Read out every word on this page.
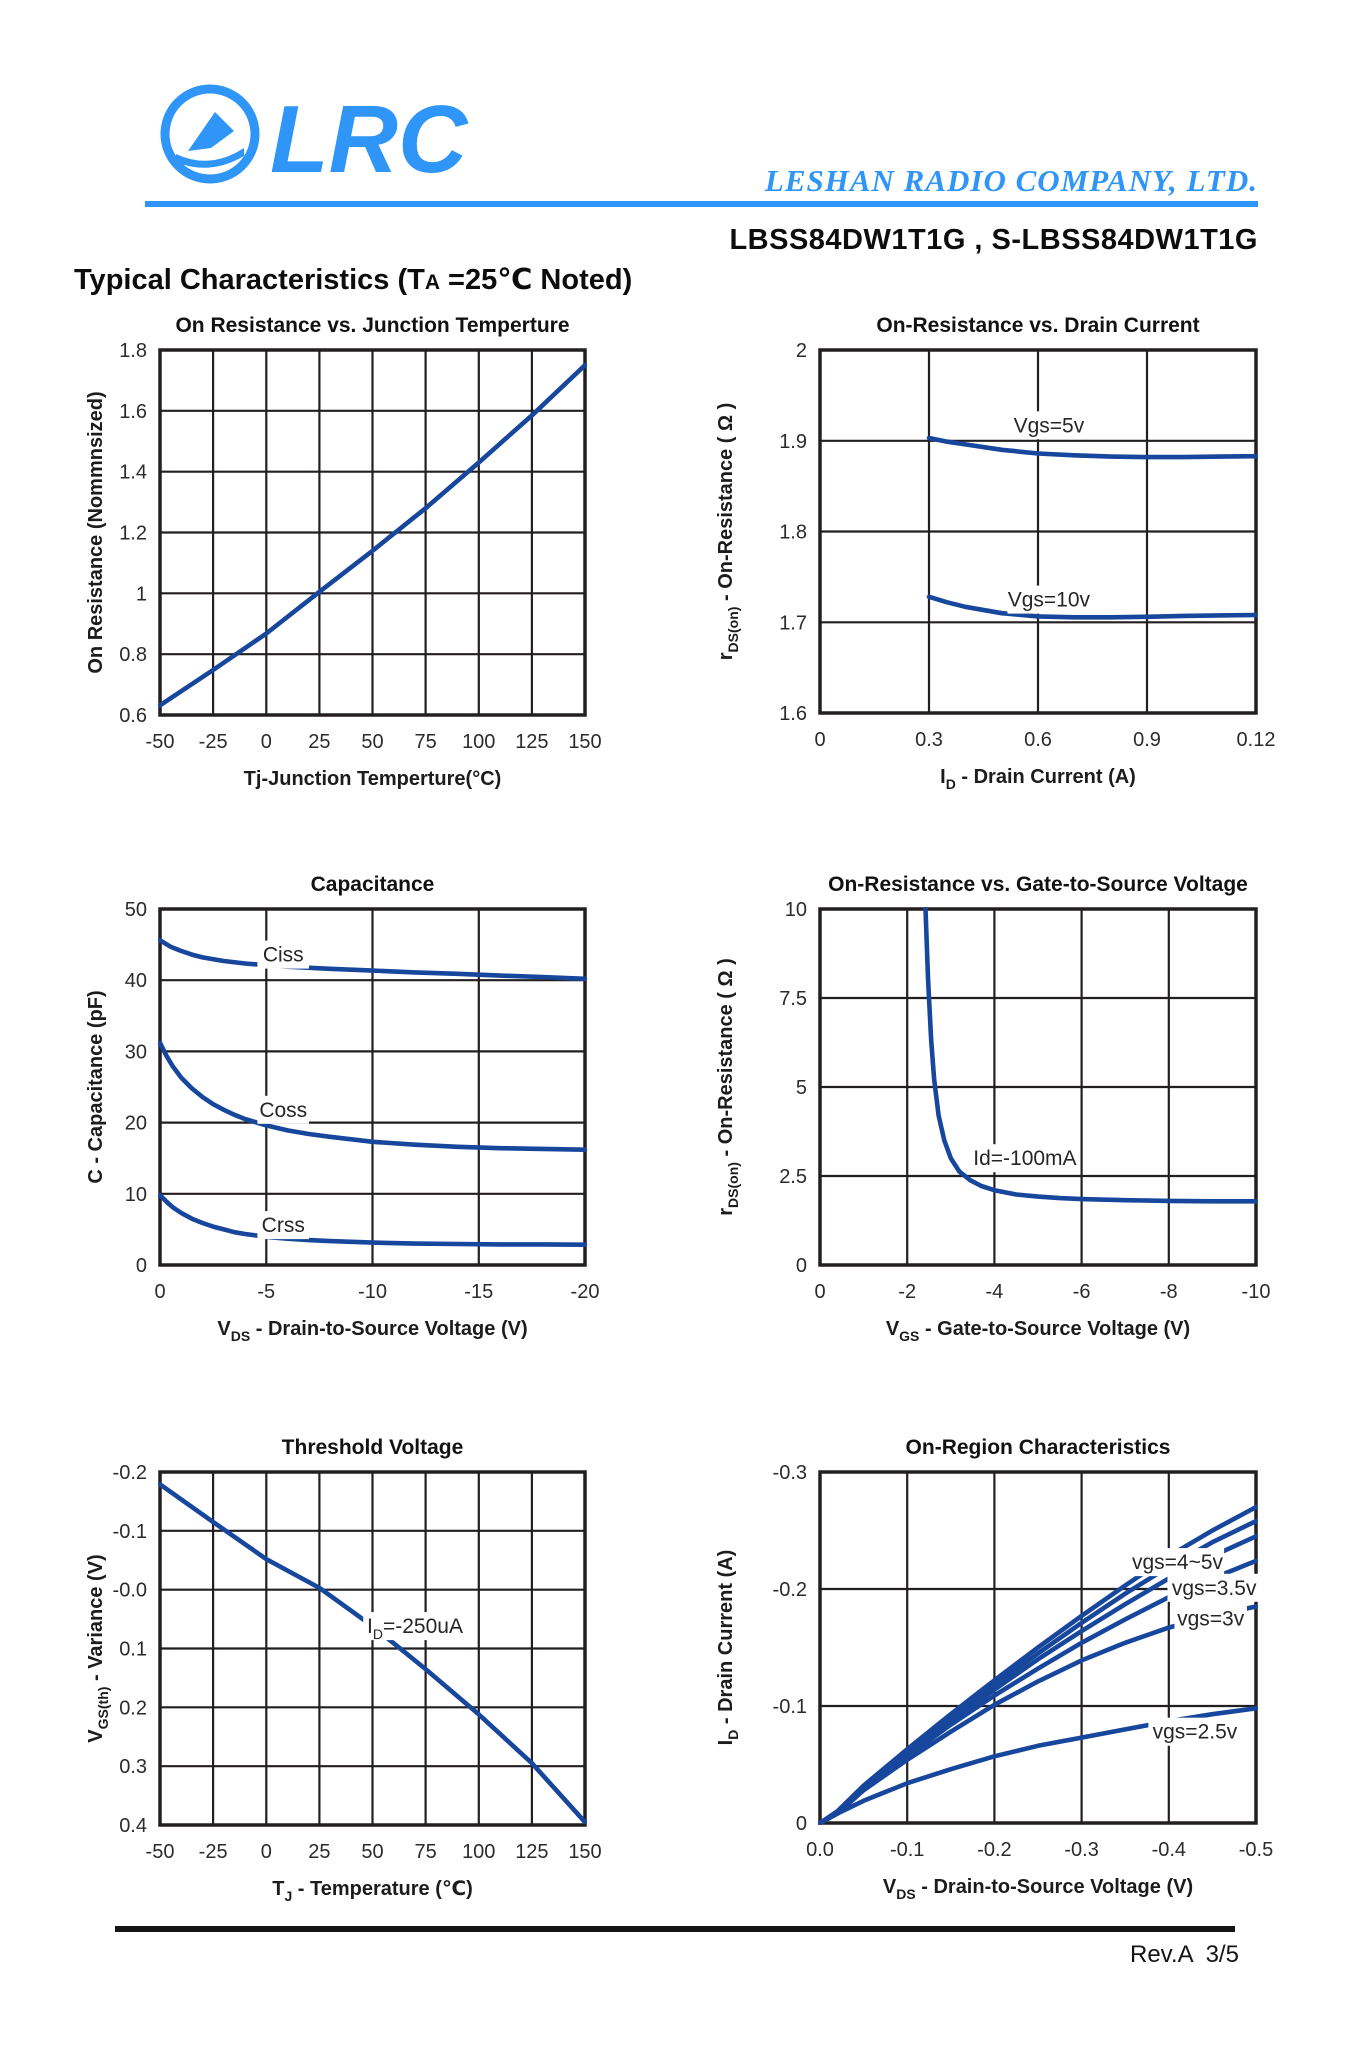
LRC	LESHAN RADIO COMPANY, LTD.
LBSS84DW1T1G , S-LBSS84DW1T1G
Typical Characteristics (TA =25℃ Noted)
On Resistance vs. Junction Temperture
-50 -25 0 25 50 75 100 125 150
1.8
1.6
1.4
1.2
1
0.8
0.6
Tj-Junction Temperture(°C)
On Resistance (Nommnsized)
On-Resistance vs. Drain Current
0	0.3	0.6	0.9	0.12
2
1.9
1.8
1.7
1.6
$I_D$ - Drain Current (A)
$r_{DS(on)}$ - On-Resistance ( Ω )	Vgs=5v
Vgs=10v
Capacitance
0	-5	-10	-15	-20
50
40
30
20
10
0
$V_{DS}$ - Drain-to-Source Voltage (V)
C - Capacitance (pF)
Ciss
Coss
Crss
On-Resistance vs. Gate-to-Source Voltage
0	-2	-4	-6	-8	-10
10
7.5
5
2.5
0
$V_{GS}$ - Gate-to-Source Voltage (V)
$r_{DS(on)}$ - On-Resistance ( Ω )	Id=-100mA
Threshold Voltage
-50 -25 0 25 50 75 100 125 150
-0.2
-0.1
-0.0
0.1
0.2
0.3
0.4
$T_J$ - Temperature (℃)
$V_{GS(th)}$ - Variance (V)	$I_D=-250uA$
On-Region Characteristics
0.0	-0.1	-0.2	-0.3	-0.4	-0.5
-0.3
-0.2
-0.1
0
$V_{DS}$ - Drain-to-Source Voltage (V)
$I_D$ - Drain Current (A)	vgs=4~5v
vgs=3.5v
vgs=3v
vgs=2.5v
Rev.A  3/5
